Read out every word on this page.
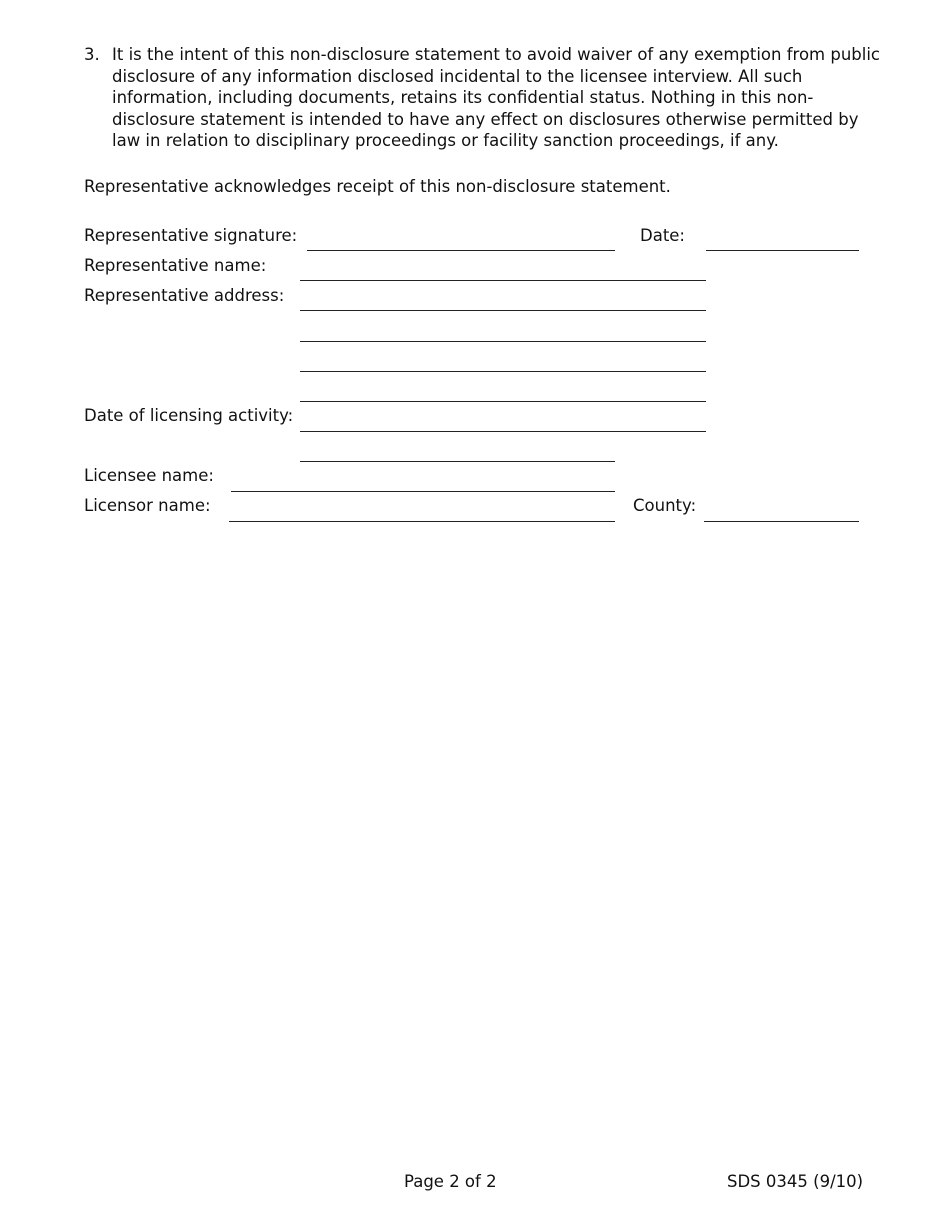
3. It is the intent of this non-disclosure statement to avoid waiver of any exemption from public
disclosure of any information disclosed incidental to the licensee interview. All such
information, including documents, retains its confidential status. Nothing in this non-
disclosure statement is intended to have any effect on disclosures otherwise permitted by
law in relation to disciplinary proceedings or facility sanction proceedings, if any.
Representative acknowledges receipt of this non-disclosure statement.
Representative signature:	Date:
Representative name:
Representative address:
Date of licensing activity:
Licensee name:
Licensor name:	County:
Page 2 of 2	SDS 0345 (9/10)
